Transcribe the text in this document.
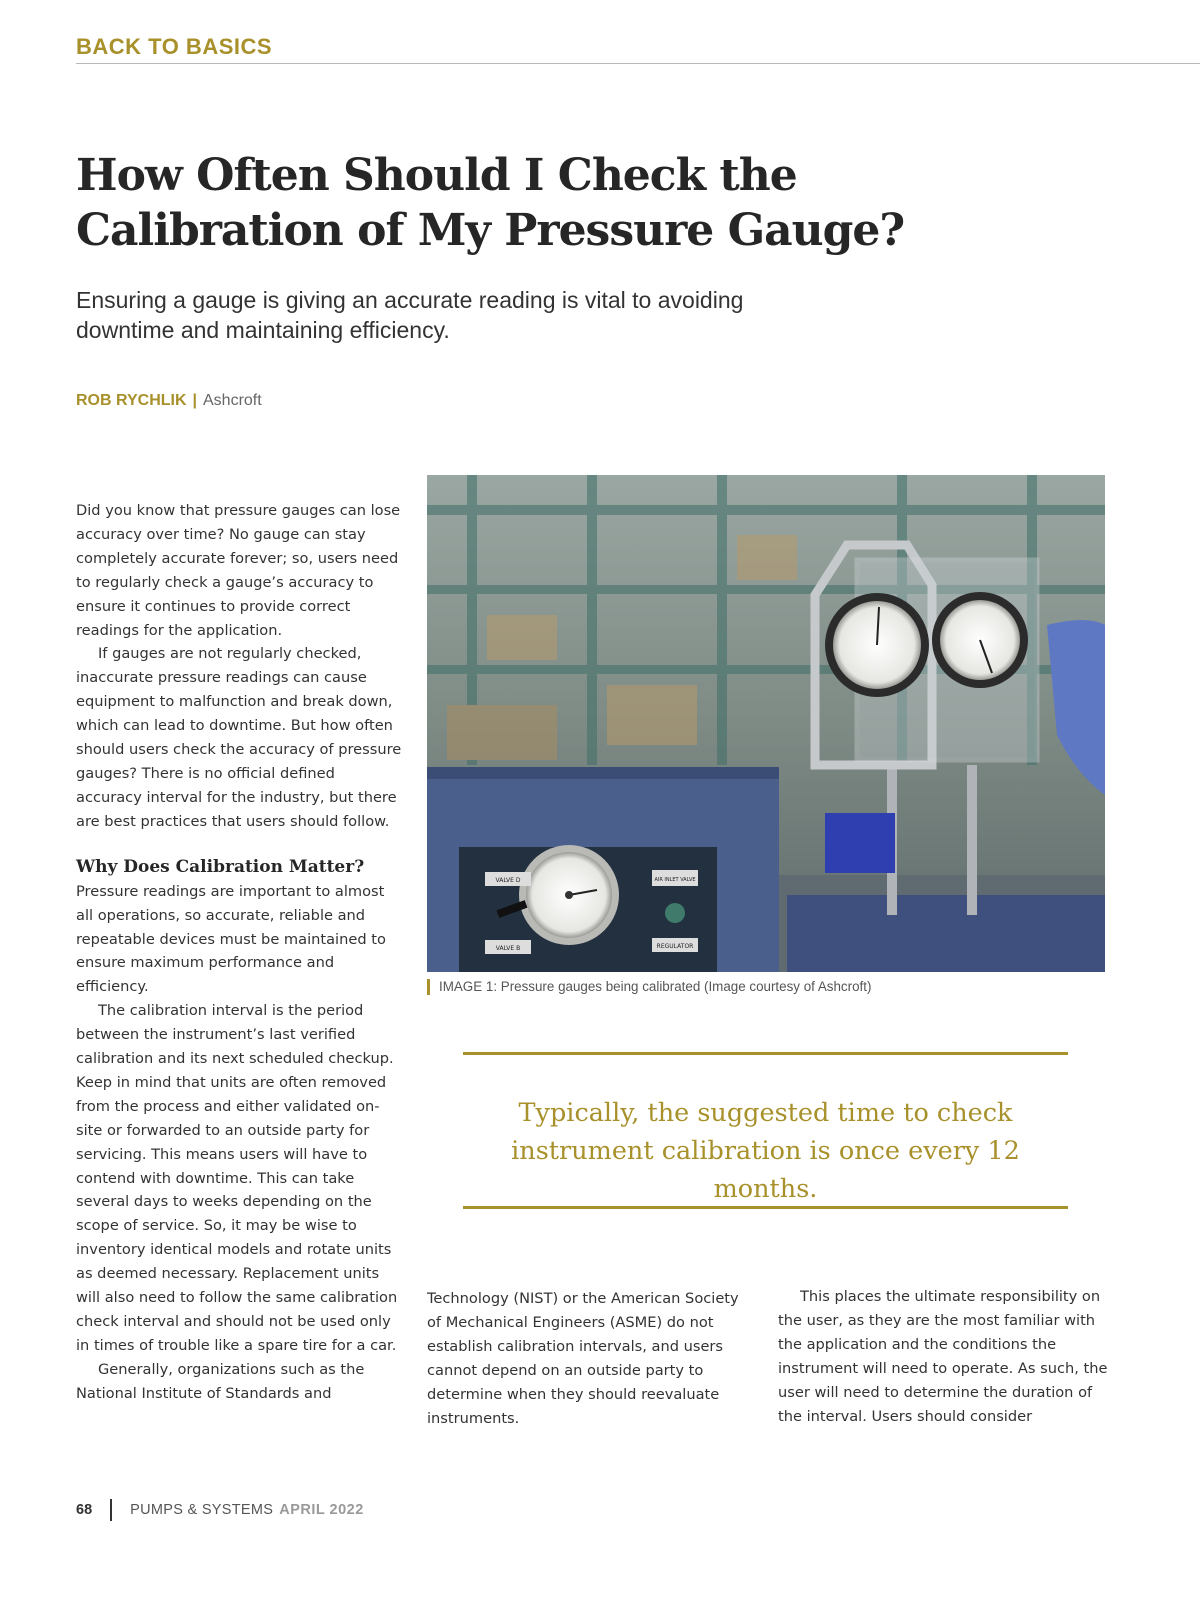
BACK TO BASICS
How Often Should I Check the
Calibration of My Pressure Gauge?

Ensuring a gauge is giving an accurate reading is vital to avoiding
downtime and maintaining efficiency.

ROB RYCHLIK | Ashcroft

Did you know that pressure gauges can lose accuracy over time? No gauge can stay completely accurate forever; so, users need to regularly check a gauge’s accuracy to ensure it continues to provide correct readings for the application.

If gauges are not regularly checked, inaccurate pressure readings can cause equipment to malfunction and break down, which can lead to downtime. But how often should users check the accuracy of pressure gauges? There is no official defined accuracy interval for the industry, but there are best practices that users should follow.

Why Does Calibration Matter?

Pressure readings are important to almost all operations, so accurate, reliable and repeatable devices must be maintained to ensure maximum performance and efficiency.

The calibration interval is the period between the instrument’s last verified calibration and its next scheduled checkup. Keep in mind that units are often removed from the process and either validated on-site or forwarded to an outside party for servicing. This means users will have to contend with downtime. This can take several days to weeks depending on the scope of service. So, it may be wise to inventory identical models and rotate units as deemed necessary. Replacement units will also need to follow the same calibration check interval and should not be used only in times of trouble like a spare tire for a car.

Generally, organizations such as the National Institute of Standards and

VALVE D
VALVE B
AIR INLET VALVE
REGULATOR
IMAGE 1: Pressure gauges being calibrated (Image courtesy of Ashcroft)

Typically, the suggested time to check
instrument calibration is once every 12 months.

Technology (NIST) or the American Society of Mechanical Engineers (ASME) do not establish calibration intervals, and users cannot depend on an outside party to determine when they should reevaluate instruments.

This places the ultimate responsibility on the user, as they are the most familiar with the application and the conditions the instrument will need to operate. As such, the user will need to determine the duration of the interval. Users should consider

68	PUMPS & SYSTEMS APRIL 2022
